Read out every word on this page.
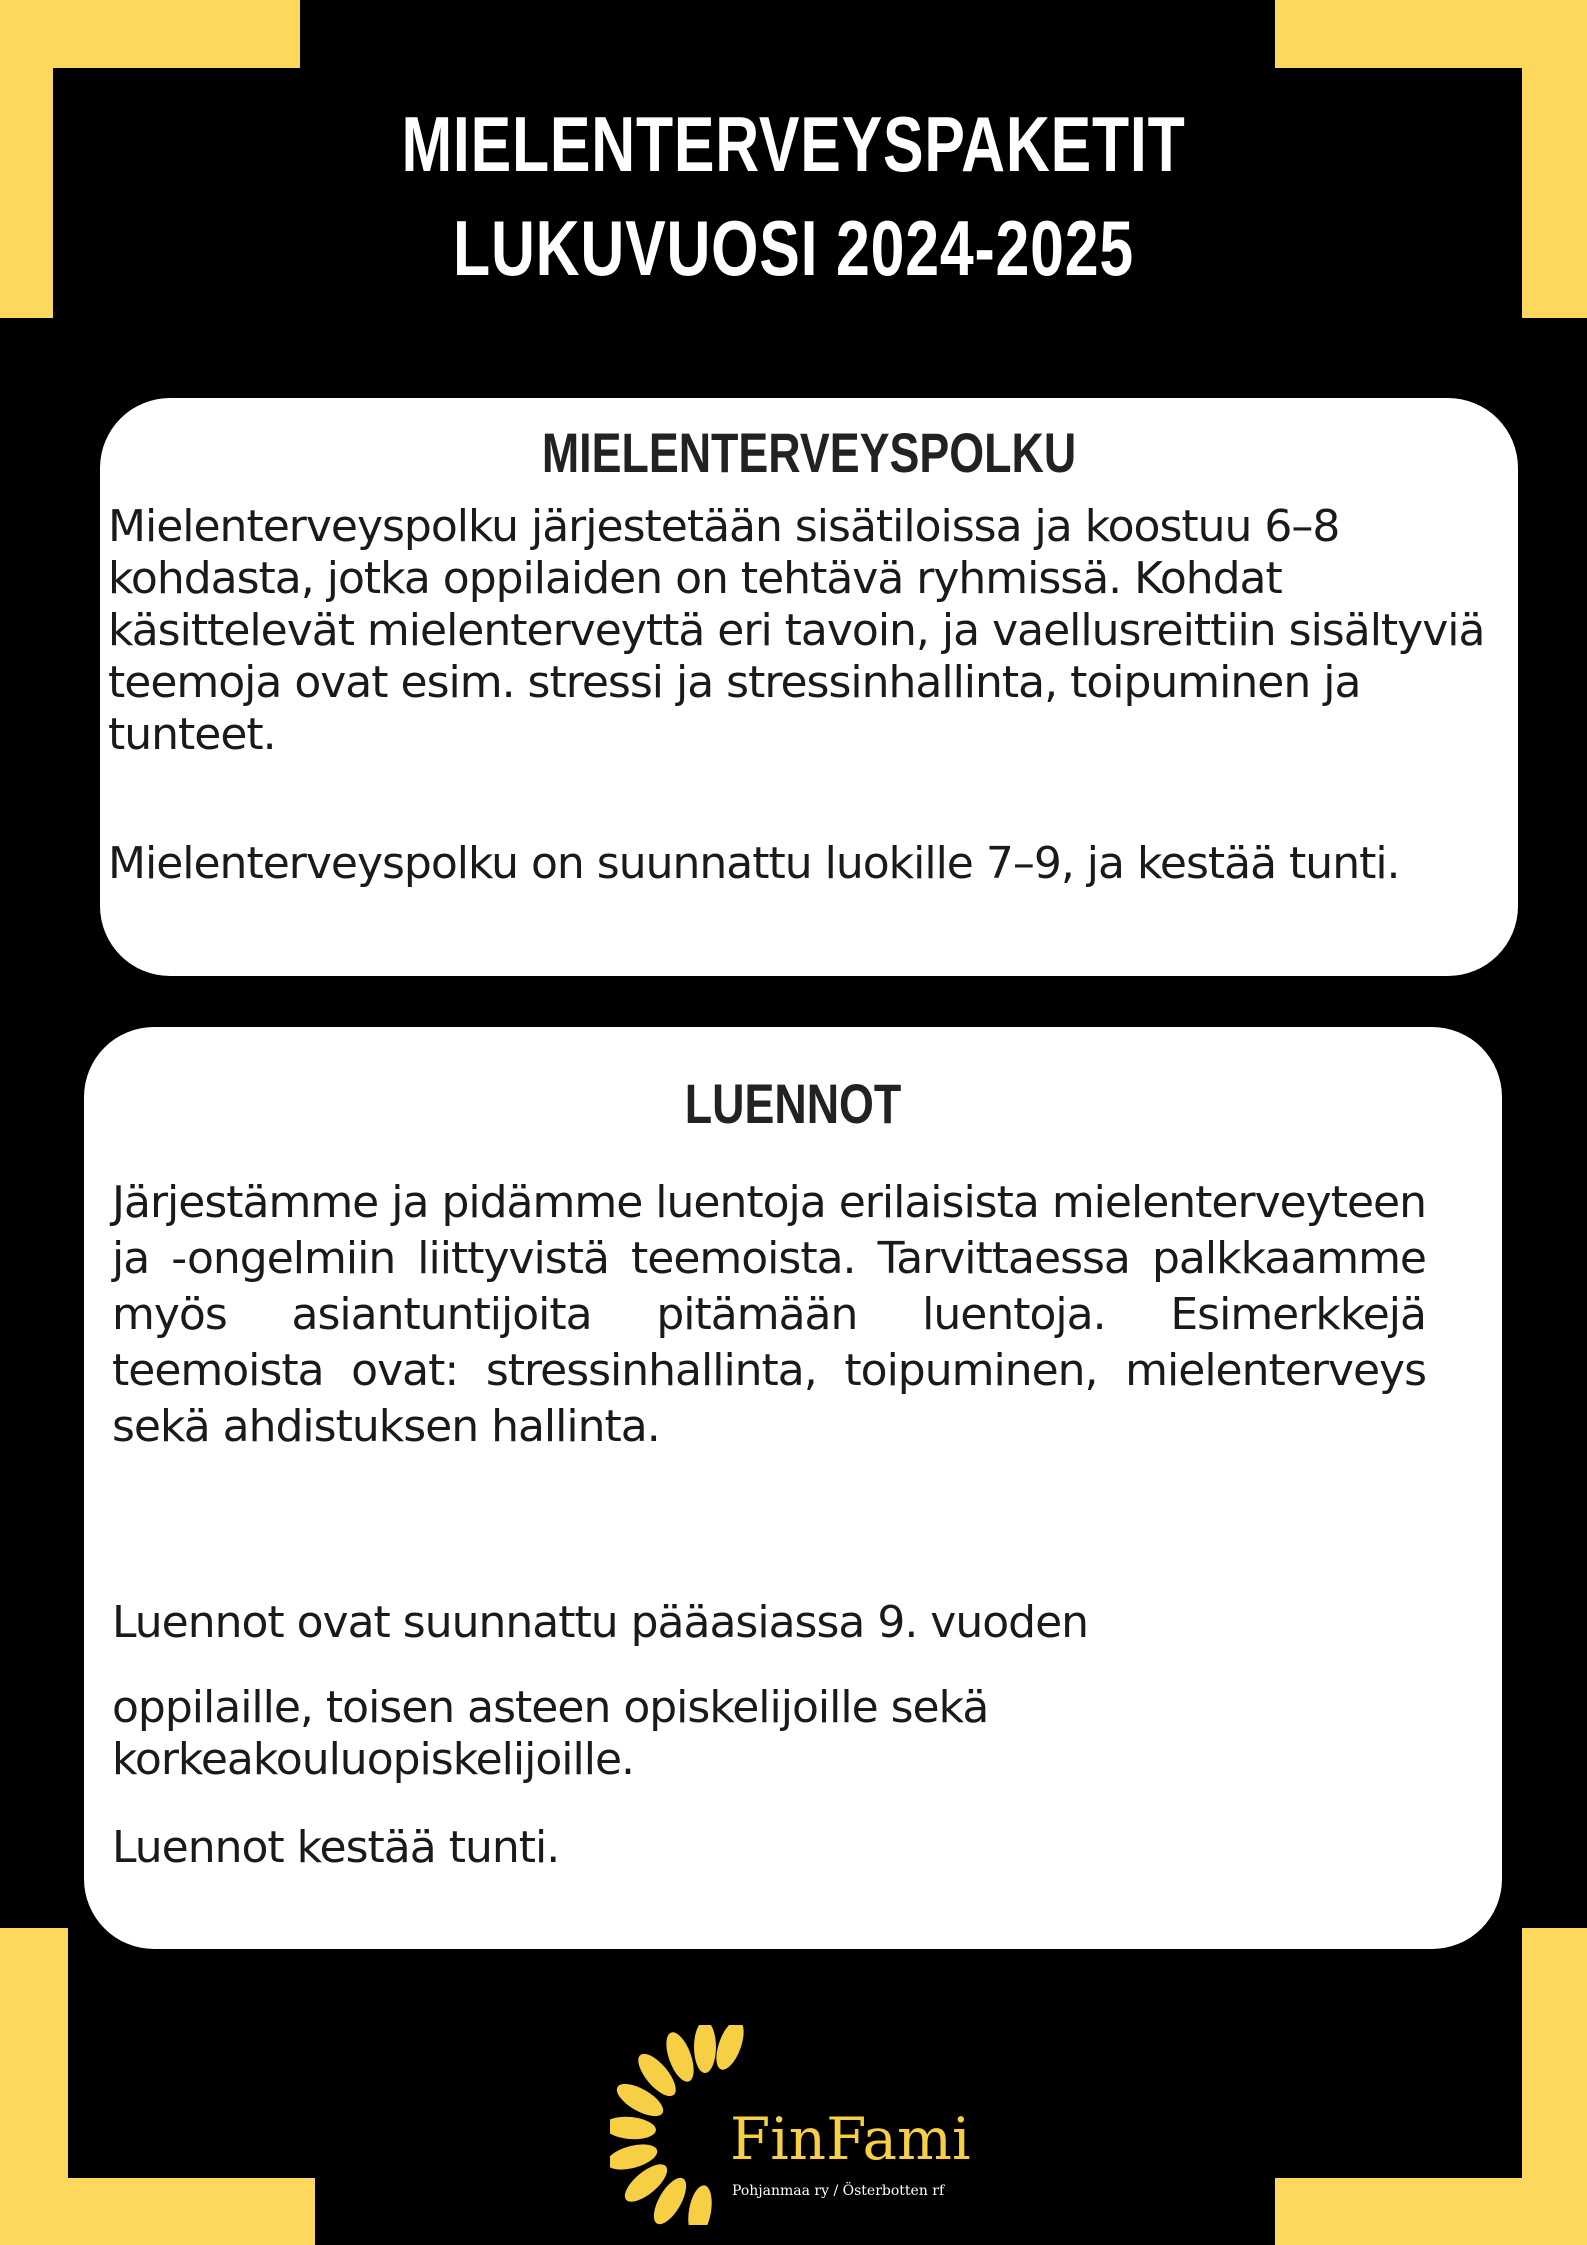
MIELENTERVEYSPAKETIT
LUKUVUOSI 2024-2025
MIELENTERVEYSPOLKU
Mielenterveyspolku järjestetään sisätiloissa ja koostuu 6–8 kohdasta, jotka oppilaiden on tehtävä ryhmissä. Kohdat käsittelevät mielenterveyttä eri tavoin, ja vaellusreittiin sisältyviä teemoja ovat esim. stressi ja stressinhallinta, toipuminen ja tunteet.
Mielenterveyspolku on suunnattu luokille 7–9, ja kestää tunti.
LUENNOT
Järjestämme ja pidämme luentoja erilaisista mielenterveyteen ja -ongelmiin liittyvistä teemoista. Tarvittaessa palkkaamme myös asiantuntijoita pitämään luentoja. Esimerkkejä teemoista ovat: stressinhallinta, toipuminen, mielenterveys sekä ahdistuksen hallinta.
Luennot ovat suunnattu pääasiassa 9. vuoden
oppilaille, toisen asteen opiskelijoille sekä korkeakouluopiskelijoille.
Luennot kestää tunti.
FinFami
Pohjanmaa ry / Österbotten rf
